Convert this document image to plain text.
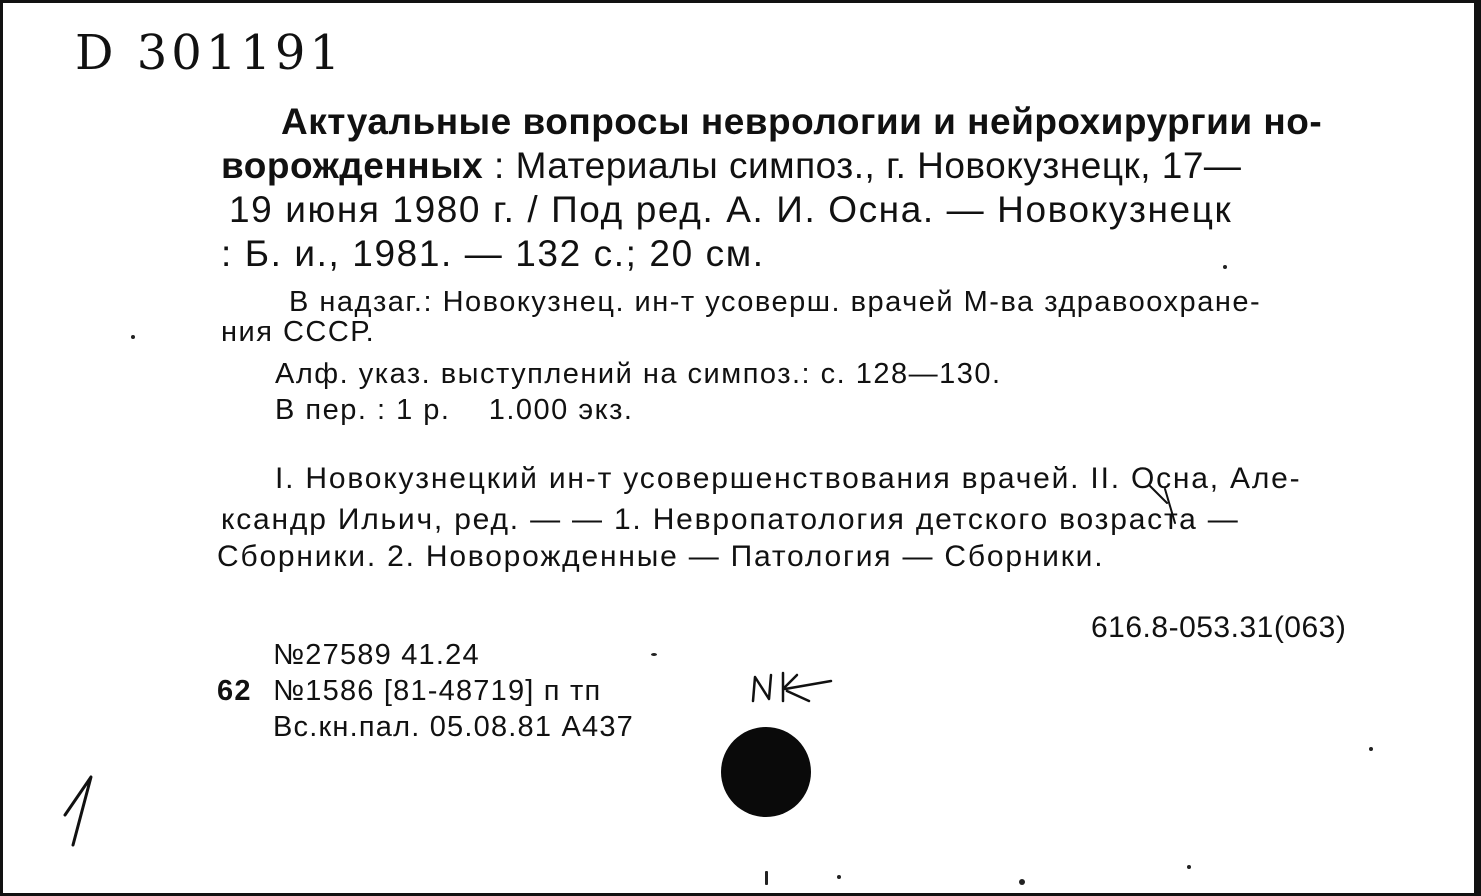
D 301191
Актуальные вопросы неврологии и нейрохирургии но-
ворожденных : Материалы симпоз., г. Новокузнецк, 17—
19 июня 1980 г. / Под ред. А. И. Осна. — Новокузнецк
: Б. и., 1981. — 132 с.; 20 см.
В надзаг.: Новокузнец. ин-т усоверш. врачей М-ва здравоохране-
ния СССР.
Алф. указ. выступлений на симпоз.: с. 128—130.
В пер. : 1 р.    1.000 экз.
I. Новокузнецкий ин-т усовершенствования врачей. II. Осна, Але-
ксандр Ильич, ред. — — 1. Невропатология детского возраста —
Сборники. 2. Новорожденные — Патология — Сборники.
616.8-053.31(063)
№27589 41.24
62 №1586 [81-48719] п тп
Вс.кн.пал. 05.08.81 А437
